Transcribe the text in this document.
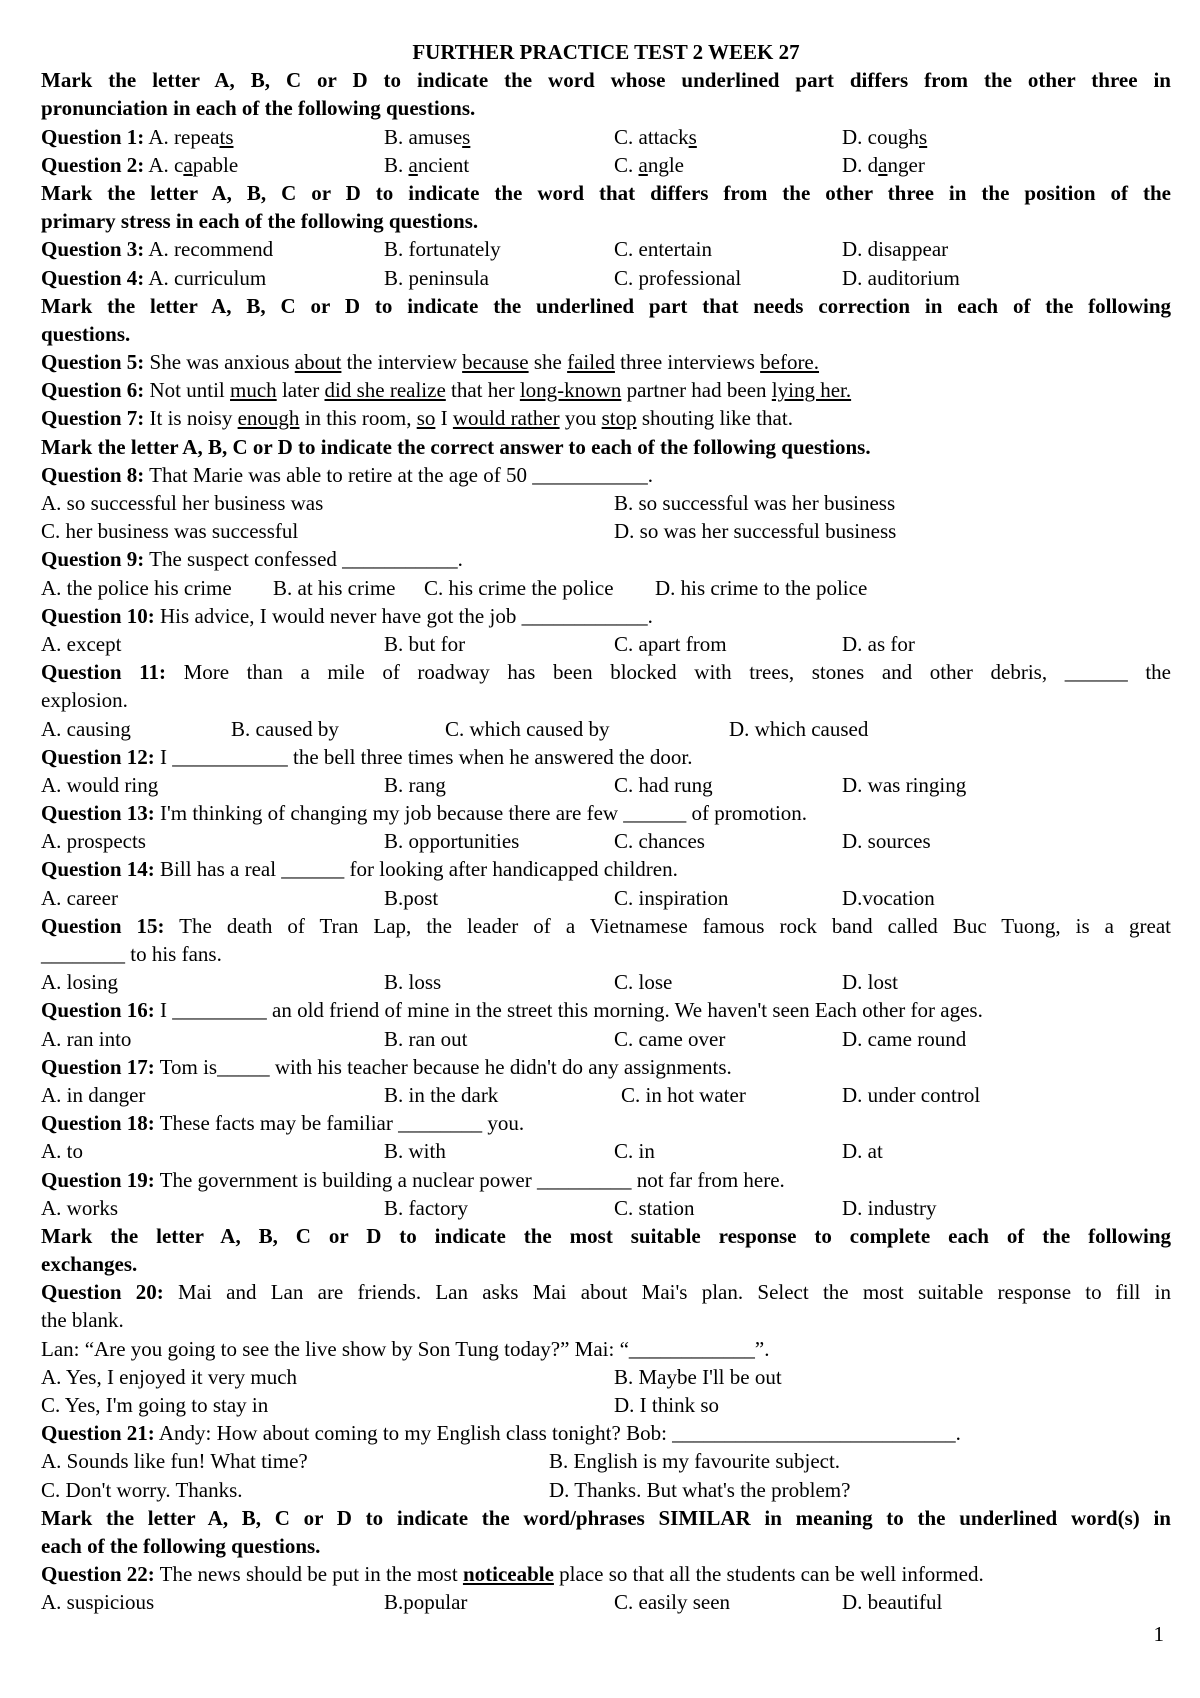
FURTHER PRACTICE TEST 2 WEEK 27
Mark the letter A, B, C or D to indicate the word whose underlined part differs from the other three in
pronunciation in each of the following questions.
Question 1: A. repeats	B. amuses	C. attacks	D. coughs
Question 2: A. capable	B. ancient	C. angle	D. danger
Mark the letter A, B, C or D to indicate the word that differs from the other three in the position of the
primary stress in each of the following questions.
Question 3: A. recommend	B. fortunately	C. entertain	D. disappear
Question 4: A. curriculum	B. peninsula	C. professional	D. auditorium
Mark the letter A, B, C or D to indicate the underlined part that needs correction in each of the following
questions.
Question 5: She was anxious about the interview because she failed three interviews before.
Question 6: Not until much later did she realize that her long-known partner had been lying her.
Question 7: It is noisy enough in this room, so I would rather you stop shouting like that.
Mark the letter A, B, C or D to indicate the correct answer to each of the following questions.
Question 8: That Marie was able to retire at the age of 50 ___________.
A. so successful her business was	B. so successful was her business
C. her business was successful	D. so was her successful business
Question 9: The suspect confessed ___________.
A. the police his crime B. at his crime C. his crime the police D. his crime to the police
Question 10: His advice, I would never have got the job ____________.
A. except	B. but for	C. apart from	D. as for
Question 11: More than a mile of roadway has been blocked with trees, stones and other debris, ______ the
explosion.
A. causing	B. caused by	C. which caused by	D. which caused
Question 12: I ___________ the bell three times when he answered the door.
A. would ring	B. rang	C. had rung	D. was ringing
Question 13: I'm thinking of changing my job because there are few ______ of promotion.
A. prospects	B. opportunities	C. chances	D. sources
Question 14: Bill has a real ______ for looking after handicapped children.
A. career	B.post	C. inspiration	D.vocation
Question 15: The death of Tran Lap, the leader of a Vietnamese famous rock band called Buc Tuong, is a great
________ to his fans.
A. losing	B. loss	C. lose	D. lost
Question 16: I _________ an old friend of mine in the street this morning. We haven't seen Each other for ages.
A. ran into	B. ran out	C. came over	D. came round
Question 17: Tom is_____ with his teacher because he didn't do any assignments.
A. in danger	B. in the dark	C. in hot water	D. under control
Question 18: These facts may be familiar ________ you.
A. to	B. with	C. in	D. at
Question 19: The government is building a nuclear power _________ not far from here.
A. works	B. factory	C. station	D. industry
Mark the letter A, B, C or D to indicate the most suitable response to complete each of the following
exchanges.
Question 20: Mai and Lan are friends. Lan asks Mai about Mai's plan. Select the most suitable response to fill in
the blank.
Lan: “Are you going to see the live show by Son Tung today?” Mai: “____________”.
A. Yes, I enjoyed it very much	B. Maybe I'll be out
C. Yes, I'm going to stay in	D. I think so
Question 21: Andy: How about coming to my English class tonight? Bob: ___________________________.
A. Sounds like fun! What time?	B. English is my favourite subject.
C. Don't worry. Thanks.	D. Thanks. But what's the problem?
Mark the letter A, B, C or D to indicate the word/phrases SIMILAR in meaning to the underlined word(s) in
each of the following questions.
Question 22: The news should be put in the most noticeable place so that all the students can be well informed.
A. suspicious	B.popular	C. easily seen	D. beautiful
1
